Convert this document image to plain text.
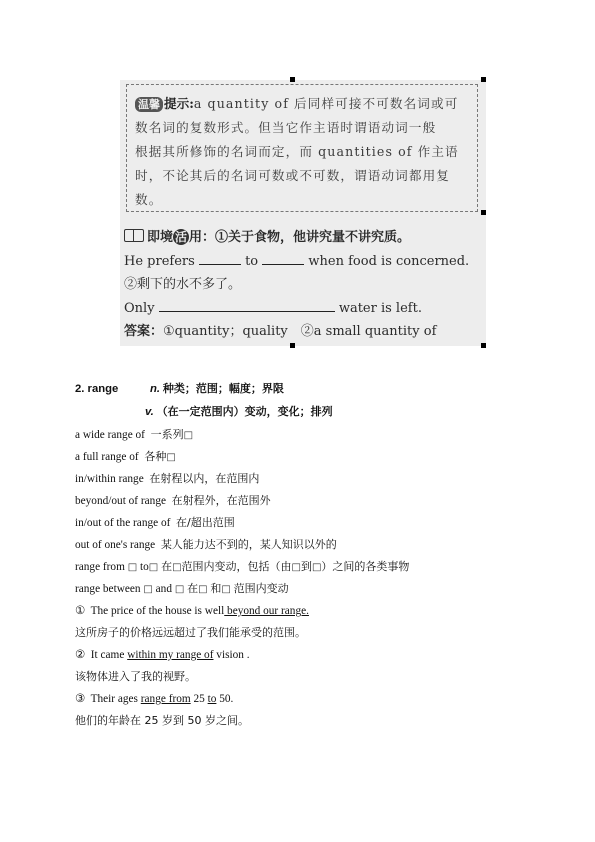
温馨 提示:a quantity of 后同样可接不可数名词或可
数名词的复数形式。但当它作主语时谓语动词一般
根据其所修饰的名词而定，而 quantities of 作主语
时，不论其后的名词可数或不可数，谓语动词都用复
数。
即境 活 用：①关于食物，他讲究量不讲究质。
He prefers	to	when food is concerned.
②剩下的水不多了。
Only	water is left.
答案：①quantity；quality　②a small quantity of
2. range	n. 种类；范围；幅度；界限
v. （在一定范围内）变动，变化；排列
a wide range of 一系列□
a full range of 各种□
in/within range 在射程以内，在范围内
beyond/out of range 在射程外，在范围外
in/out of the range of 在/超出范围
out of one's range 某人能力达不到的，某人知识以外的
range from □ to□ 在□范围内变动，包括（由□到□）之间的各类事物
range between □ and □ 在□ 和□ 范围内变动
① The price of the house is well beyond our range.
这所房子的价格远远超过了我们能承受的范围。
② It came within my range of vision .
该物体进入了我的视野。
③ Their ages range from 25 to 50.
他们的年龄在 25 岁到 50 岁之间。
